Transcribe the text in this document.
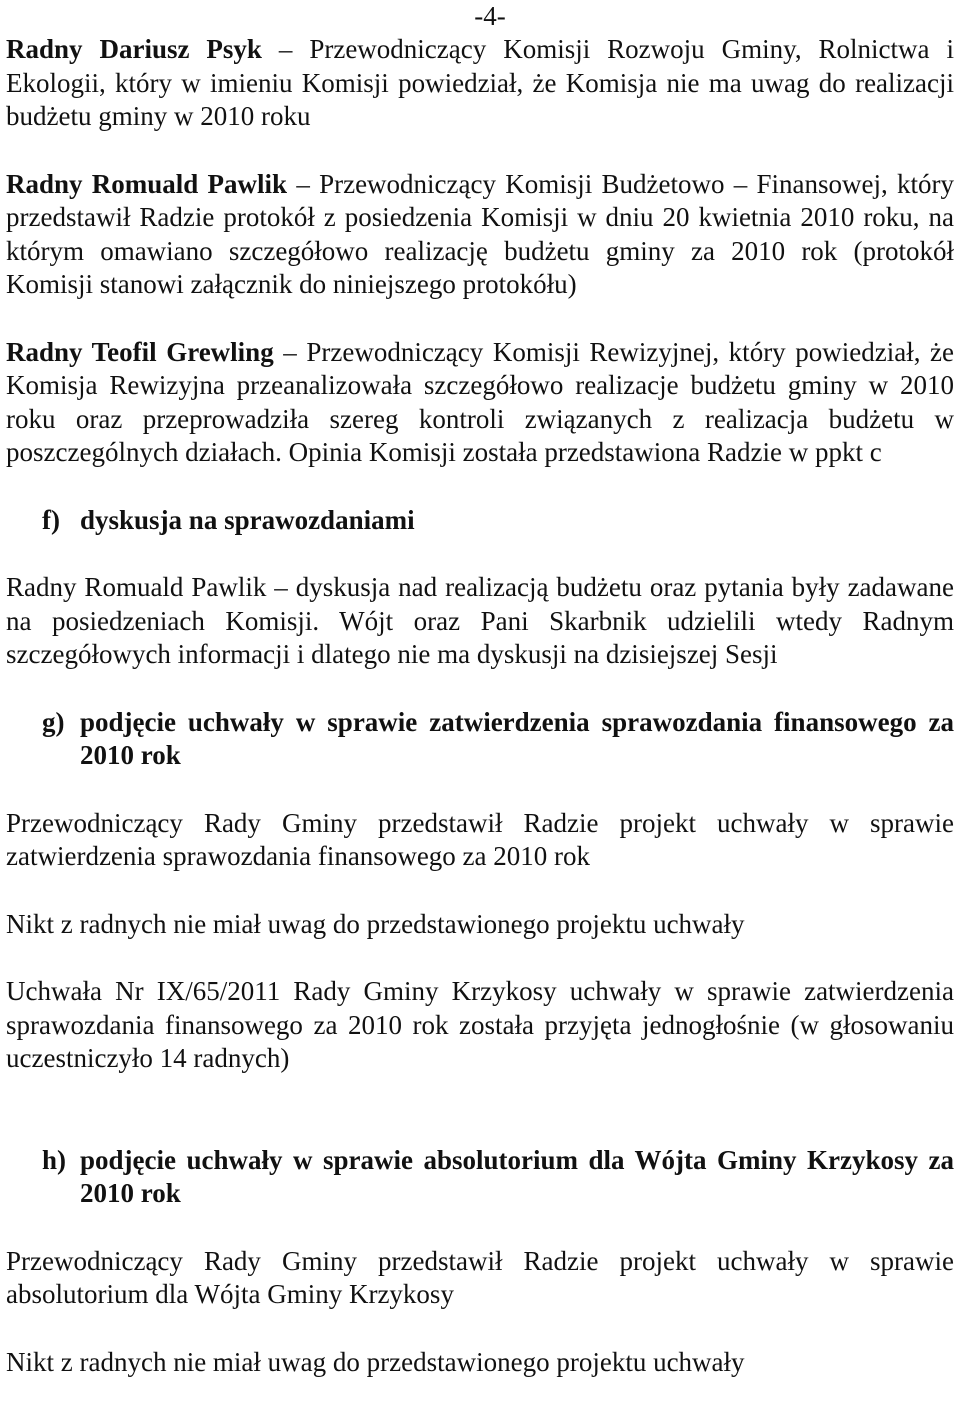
-4-

Radny Dariusz Psyk – Przewodniczący Komisji Rozwoju Gminy, Rolnictwa i Ekologii, który w imieniu Komisji powiedział, że Komisja nie ma uwag do realizacji budżetu gminy w 2010 roku

Radny Romuald Pawlik – Przewodniczący Komisji Budżetowo – Finansowej, który przedstawił Radzie protokół z posiedzenia Komisji w dniu 20 kwietnia 2010 roku, na którym omawiano szczegółowo realizację budżetu gminy za 2010 rok (protokół Komisji stanowi załącznik do niniejszego protokółu)

Radny Teofil Grewling – Przewodniczący Komisji Rewizyjnej, który powiedział, że Komisja Rewizyjna przeanalizowała szczegółowo realizacje budżetu gminy w 2010 roku oraz przeprowadziła szereg kontroli związanych z realizacja budżetu w poszczególnych działach. Opinia Komisji została przedstawiona Radzie w ppkt c

f) dyskusja na sprawozdaniami

Radny Romuald Pawlik – dyskusja nad realizacją budżetu oraz pytania były zadawane na posiedzeniach Komisji. Wójt oraz Pani Skarbnik udzielili wtedy Radnym szczegółowych informacji i dlatego nie ma dyskusji na dzisiejszej Sesji

g) podjęcie uchwały w sprawie zatwierdzenia sprawozdania finansowego za 2010 rok

Przewodniczący Rady Gminy przedstawił Radzie projekt uchwały w sprawie zatwierdzenia sprawozdania finansowego za 2010 rok

Nikt z radnych nie miał uwag do przedstawionego projektu uchwały

Uchwała Nr IX/65/2011 Rady Gminy Krzykosy uchwały w sprawie zatwierdzenia sprawozdania finansowego za 2010 rok została przyjęta jednogłośnie (w głosowaniu uczestniczyło 14 radnych)

h) podjęcie uchwały w sprawie absolutorium dla Wójta Gminy Krzykosy za 2010 rok

Przewodniczący Rady Gminy przedstawił Radzie projekt uchwały w sprawie absolutorium dla Wójta Gminy Krzykosy

Nikt z radnych nie miał uwag do przedstawionego projektu uchwały
